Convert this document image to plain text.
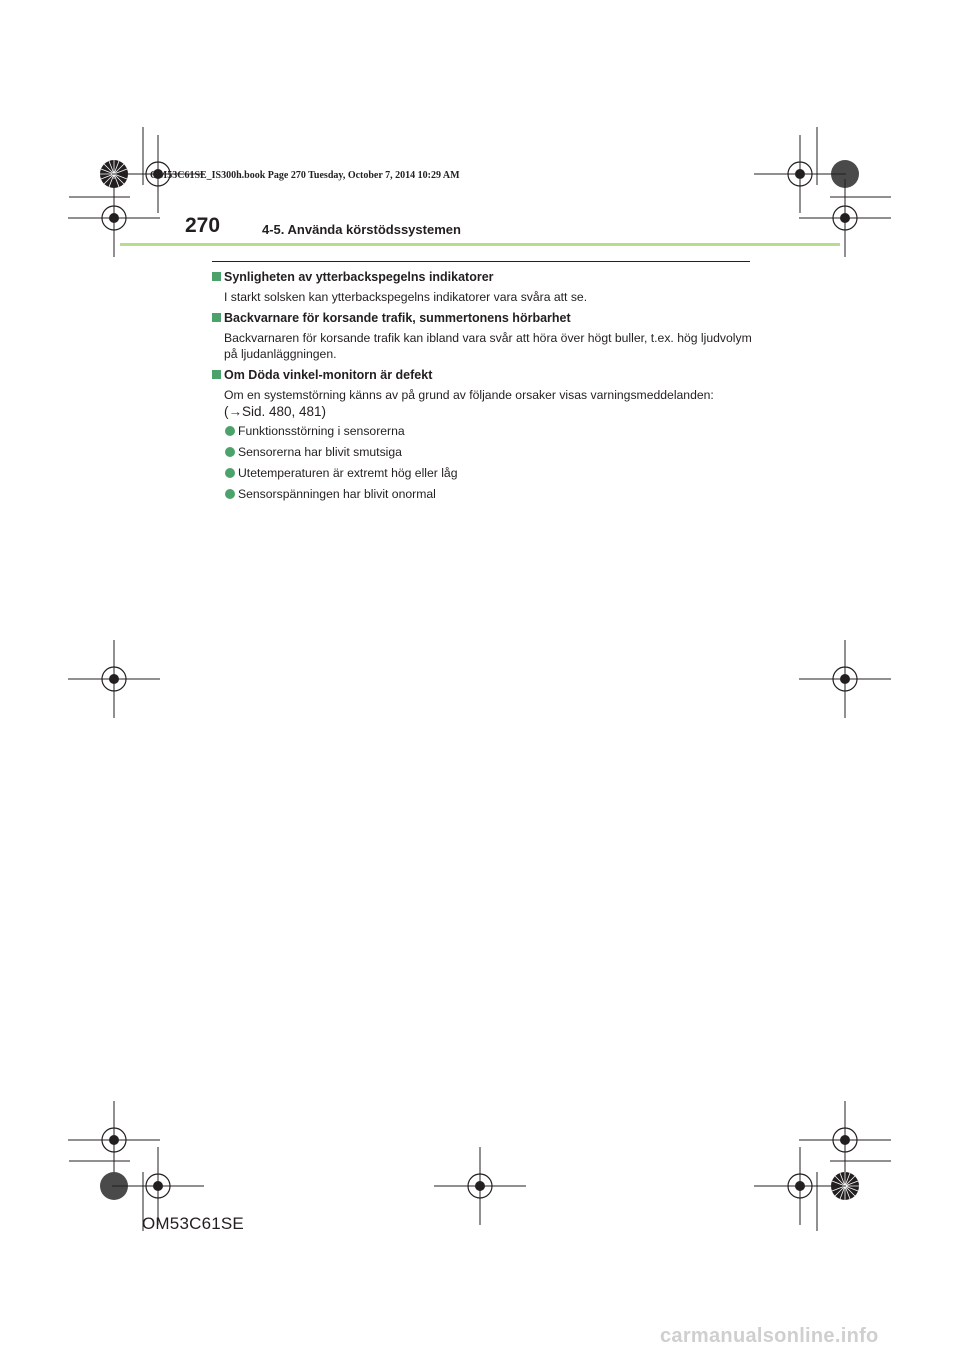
OM53C61SE_IS300h.book Page 270 Tuesday, October 7, 2014 10:29 AM
270	4-5. Använda körstödssystemen
Synligheten av ytterbackspegelns indikatorer
I starkt solsken kan ytterbackspegelns indikatorer vara svåra att se.
Backvarnare för korsande trafik, summertonens hörbarhet
Backvarnaren för korsande trafik kan ibland vara svår att höra över högt buller, t.ex. hög ljudvolym på ljudanläggningen.
Om Döda vinkel-monitorn är defekt
Om en systemstörning känns av på grund av följande orsaker visas varningsmeddelanden:
(→Sid. 480, 481)
Funktionsstörning i sensorerna
Sensorerna har blivit smutsiga
Utetemperaturen är extremt hög eller låg
Sensorspänningen har blivit onormal
OM53C61SE
carmanualsonline.info
